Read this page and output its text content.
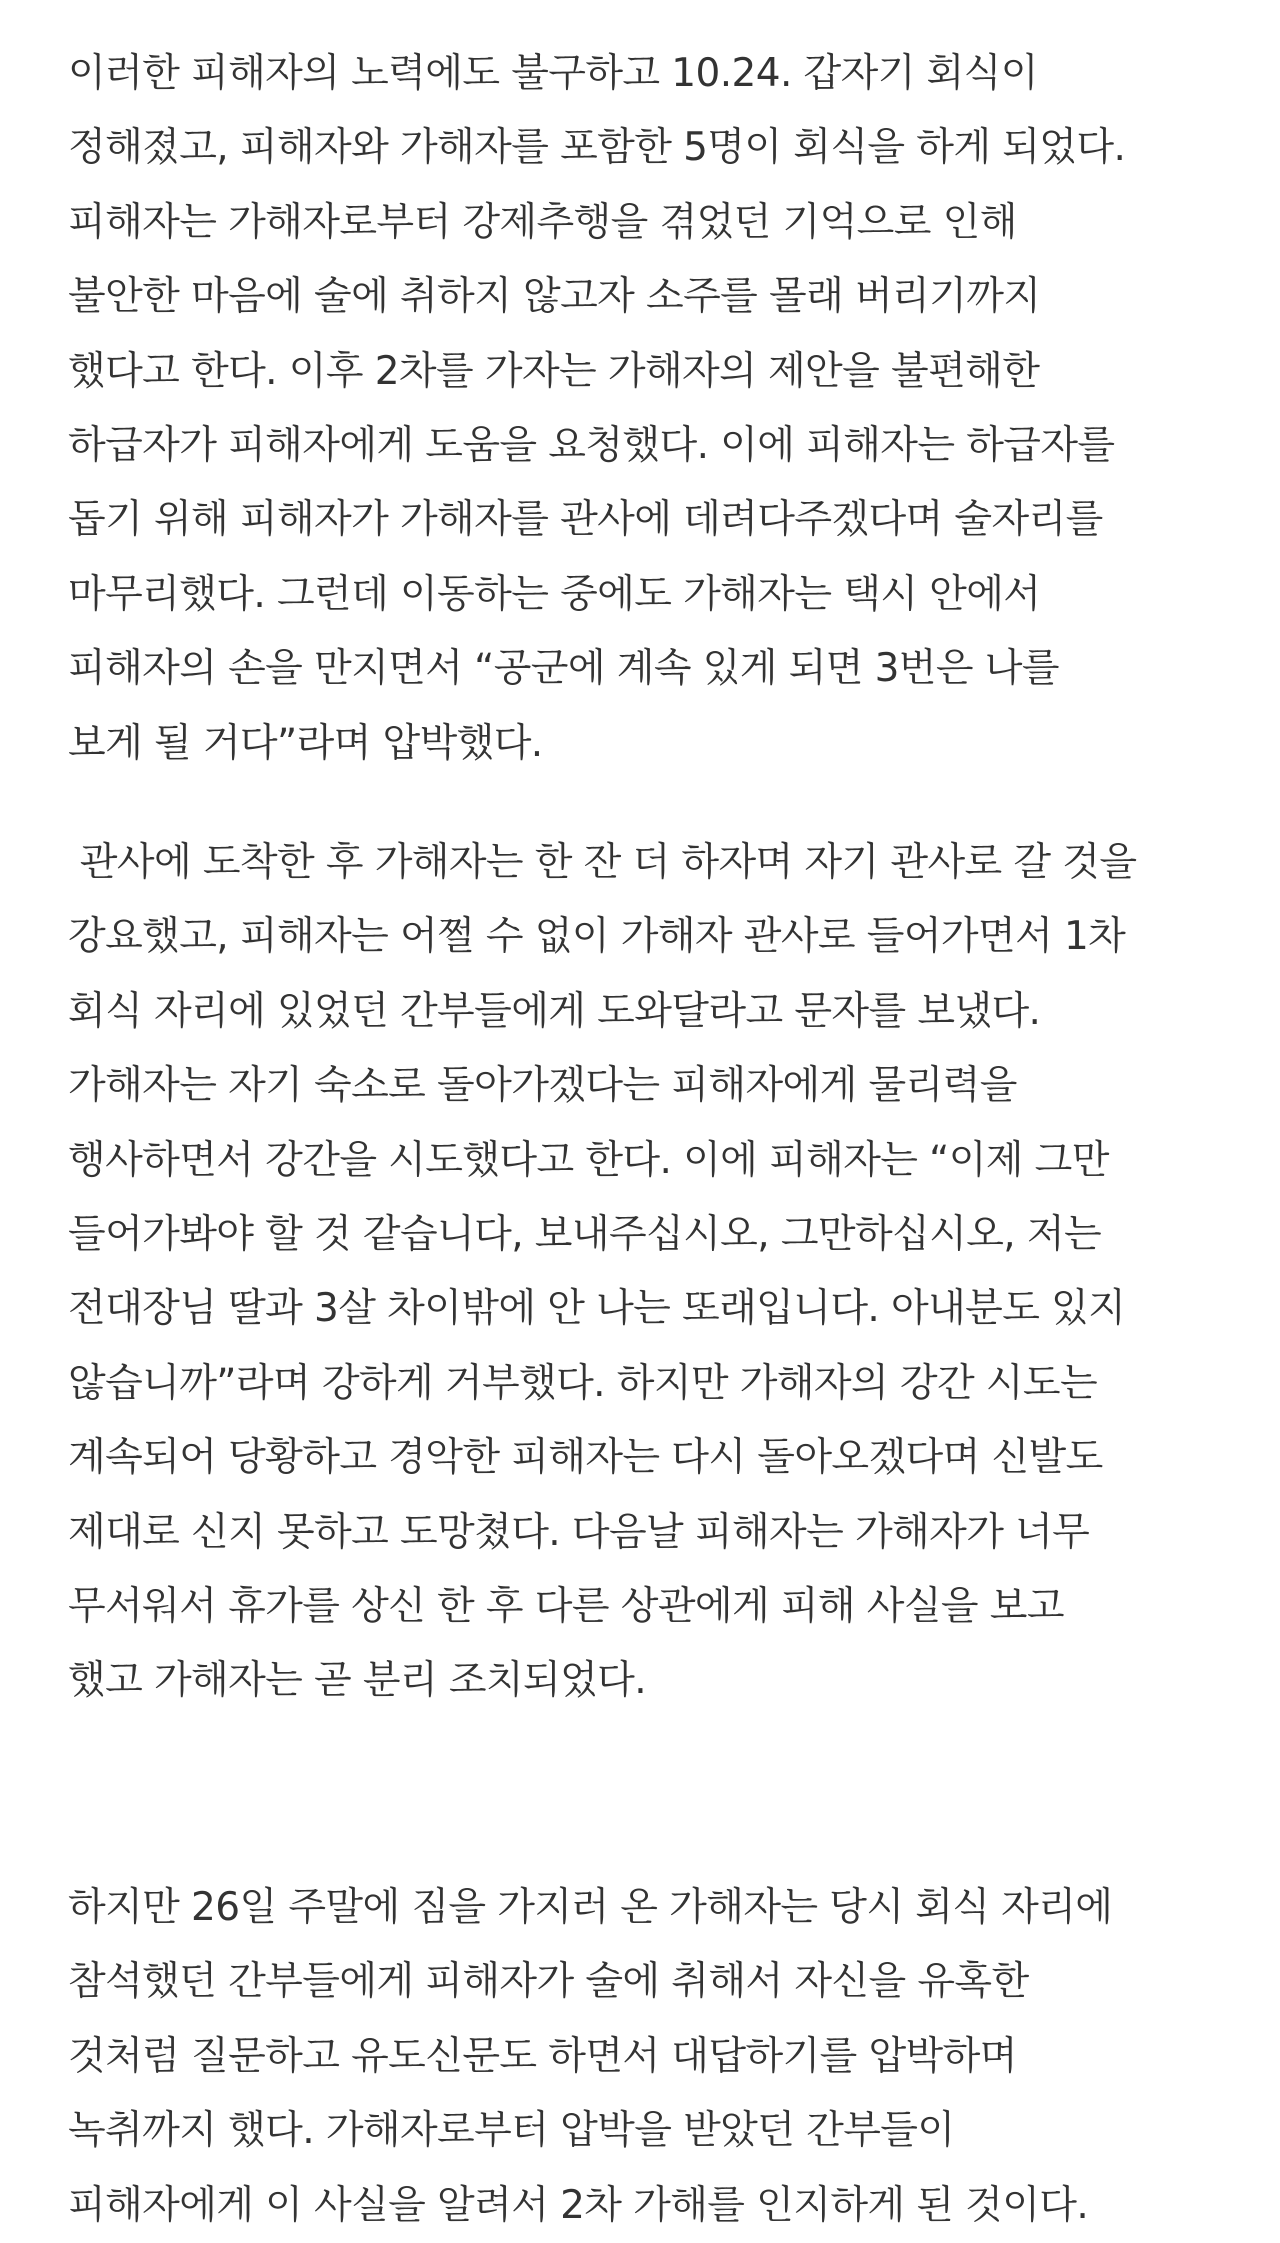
이러한 피해자의 노력에도 불구하고 10.24. 갑자기 회식이
정해졌고, 피해자와 가해자를 포함한 5명이 회식을 하게 되었다.
피해자는 가해자로부터 강제추행을 겪었던 기억으로 인해
불안한 마음에 술에 취하지 않고자 소주를 몰래 버리기까지
했다고 한다. 이후 2차를 가자는 가해자의 제안을 불편해한
하급자가 피해자에게 도움을 요청했다. 이에 피해자는 하급자를
돕기 위해 피해자가 가해자를 관사에 데려다주겠다며 술자리를
마무리했다. 그런데 이동하는 중에도 가해자는 택시 안에서
피해자의 손을 만지면서 “공군에 계속 있게 되면 3번은 나를
보게 될 거다”라며 압박했다.
관사에 도착한 후 가해자는 한 잔 더 하자며 자기 관사로 갈 것을
강요했고, 피해자는 어쩔 수 없이 가해자 관사로 들어가면서 1차
회식 자리에 있었던 간부들에게 도와달라고 문자를 보냈다.
가해자는 자기 숙소로 돌아가겠다는 피해자에게 물리력을
행사하면서 강간을 시도했다고 한다. 이에 피해자는 “이제 그만
들어가봐야 할 것 같습니다, 보내주십시오, 그만하십시오, 저는
전대장님 딸과 3살 차이밖에 안 나는 또래입니다. 아내분도 있지
않습니까”라며 강하게 거부했다. 하지만 가해자의 강간 시도는
계속되어 당황하고 경악한 피해자는 다시 돌아오겠다며 신발도
제대로 신지 못하고 도망쳤다. 다음날 피해자는 가해자가 너무
무서워서 휴가를 상신 한 후 다른 상관에게 피해 사실을 보고
했고 가해자는 곧 분리 조치되었다.
하지만 26일 주말에 짐을 가지러 온 가해자는 당시 회식 자리에
참석했던 간부들에게 피해자가 술에 취해서 자신을 유혹한
것처럼 질문하고 유도신문도 하면서 대답하기를 압박하며
녹취까지 했다. 가해자로부터 압박을 받았던 간부들이
피해자에게 이 사실을 알려서 2차 가해를 인지하게 된 것이다.
